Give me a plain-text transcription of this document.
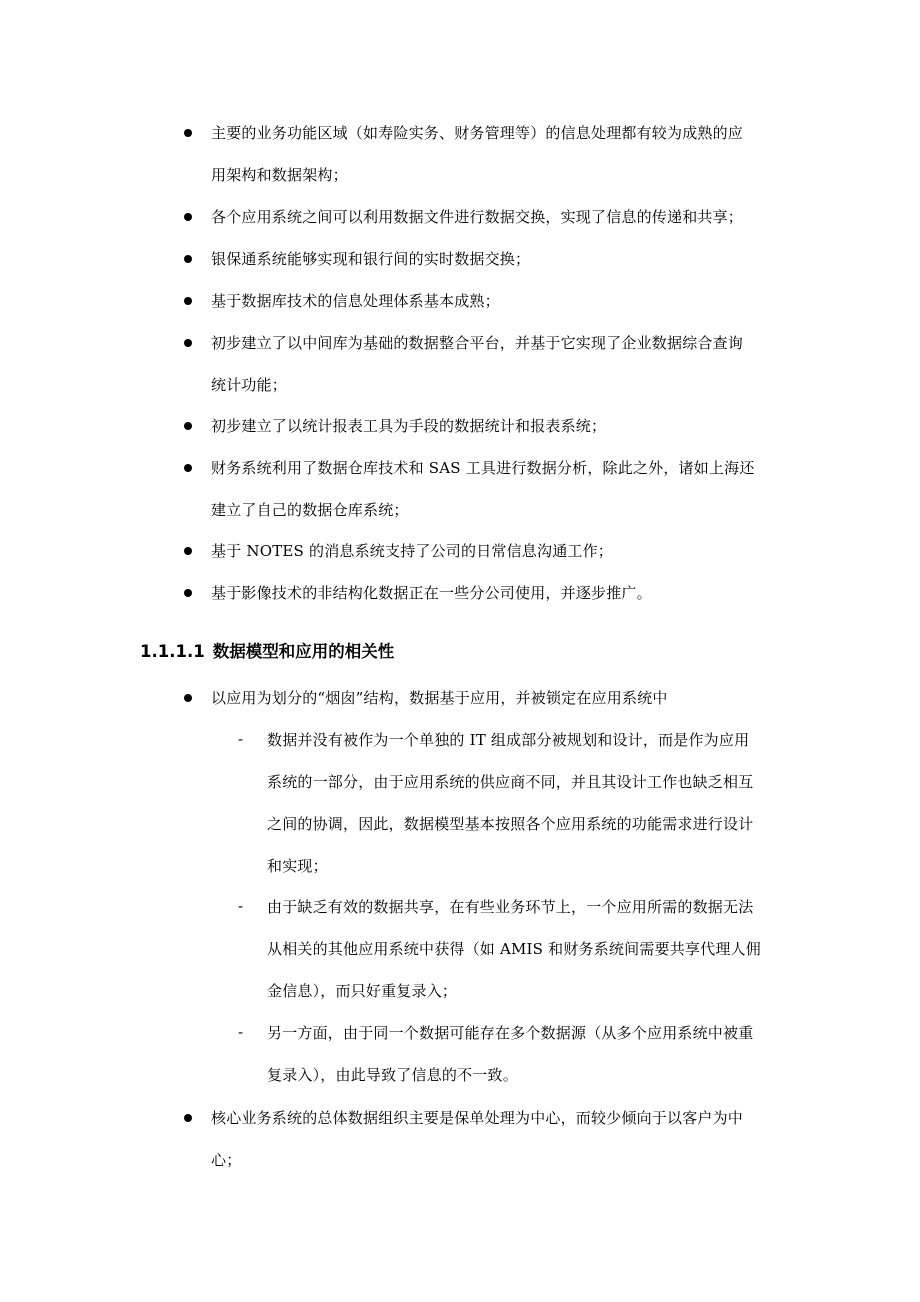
主要的业务功能区域（如寿险实务、财务管理等）的信息处理都有较为成熟的应
用架构和数据架构；
各个应用系统之间可以利用数据文件进行数据交换，实现了信息的传递和共享；
银保通系统能够实现和银行间的实时数据交换；
基于数据库技术的信息处理体系基本成熟；
初步建立了以中间库为基础的数据整合平台，并基于它实现了企业数据综合查询
统计功能；
初步建立了以统计报表工具为手段的数据统计和报表系统；
财务系统利用了数据仓库技术和 SAS 工具进行数据分析，除此之外，诸如上海还
建立了自己的数据仓库系统；
基于 NOTES 的消息系统支持了公司的日常信息沟通工作；
基于影像技术的非结构化数据正在一些分公司使用，并逐步推广。
1.1.1.1 数据模型和应用的相关性
以应用为划分的“烟囱”结构，数据基于应用，并被锁定在应用系统中
- 数据并没有被作为一个单独的 IT 组成部分被规划和设计，而是作为应用
系统的一部分，由于应用系统的供应商不同，并且其设计工作也缺乏相互
之间的协调，因此，数据模型基本按照各个应用系统的功能需求进行设计
和实现；
- 由于缺乏有效的数据共享，在有些业务环节上，一个应用所需的数据无法
从相关的其他应用系统中获得（如 AMIS 和财务系统间需要共享代理人佣
金信息），而只好重复录入；
- 另一方面，由于同一个数据可能存在多个数据源（从多个应用系统中被重
复录入），由此导致了信息的不一致。
核心业务系统的总体数据组织主要是保单处理为中心，而较少倾向于以客户为中
心；
